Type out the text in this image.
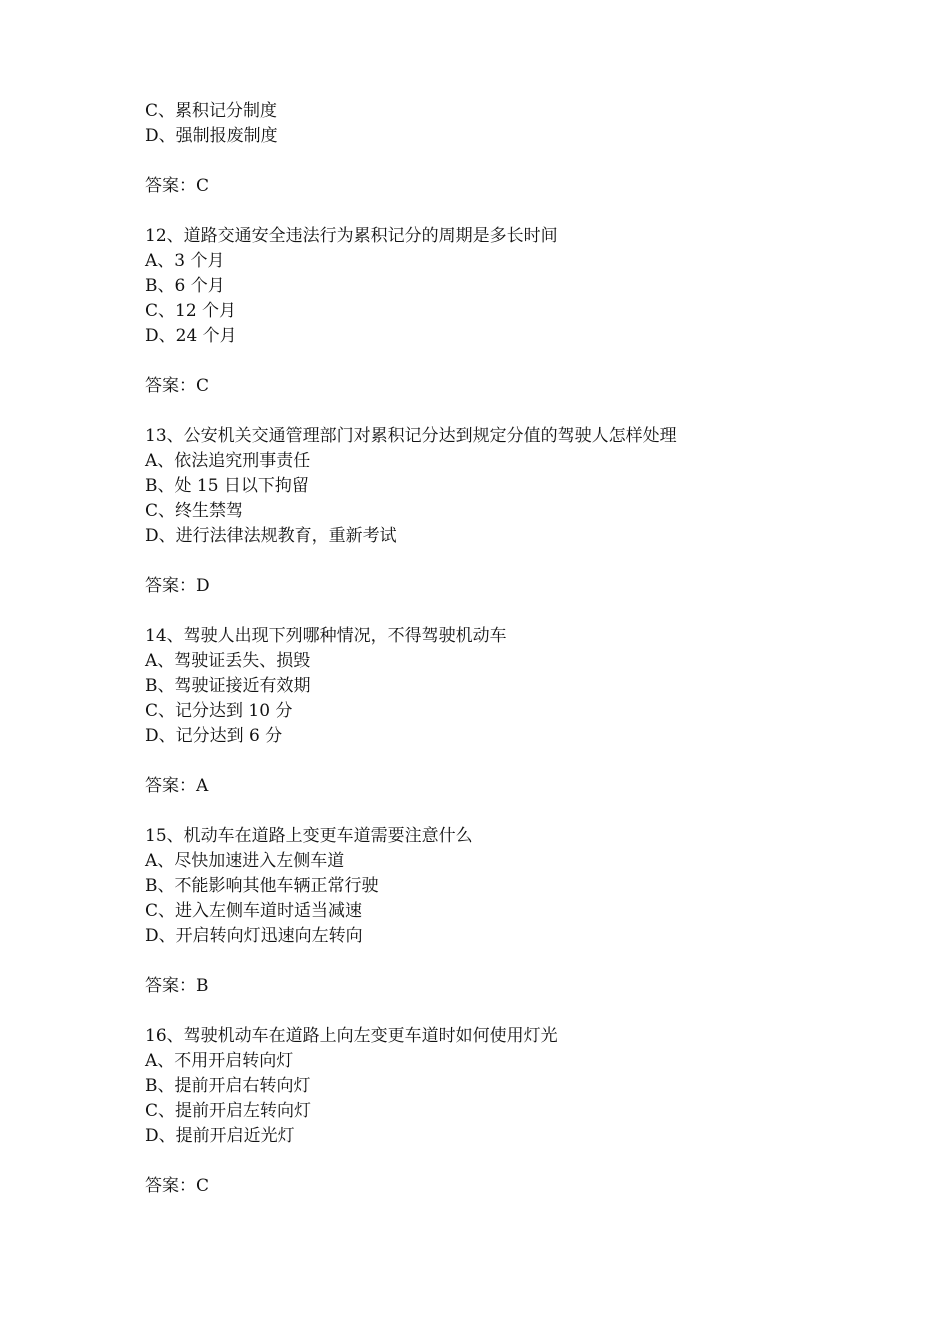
C、累积记分制度
D、强制报废制度
答案：C
12、道路交通安全违法行为累积记分的周期是多长时间
A、3 个月
B、6 个月
C、12 个月
D、24 个月
答案：C
13、公安机关交通管理部门对累积记分达到规定分值的驾驶人怎样处理
A、依法追究刑事责任
B、处 15 日以下拘留
C、终生禁驾
D、进行法律法规教育，重新考试
答案：D
14、驾驶人出现下列哪种情况，不得驾驶机动车
A、驾驶证丢失、损毁
B、驾驶证接近有效期
C、记分达到 10 分
D、记分达到 6 分
答案：A
15、机动车在道路上变更车道需要注意什么
A、尽快加速进入左侧车道
B、不能影响其他车辆正常行驶
C、进入左侧车道时适当减速
D、开启转向灯迅速向左转向
答案：B
16、驾驶机动车在道路上向左变更车道时如何使用灯光
A、不用开启转向灯
B、提前开启右转向灯
C、提前开启左转向灯
D、提前开启近光灯
答案：C
